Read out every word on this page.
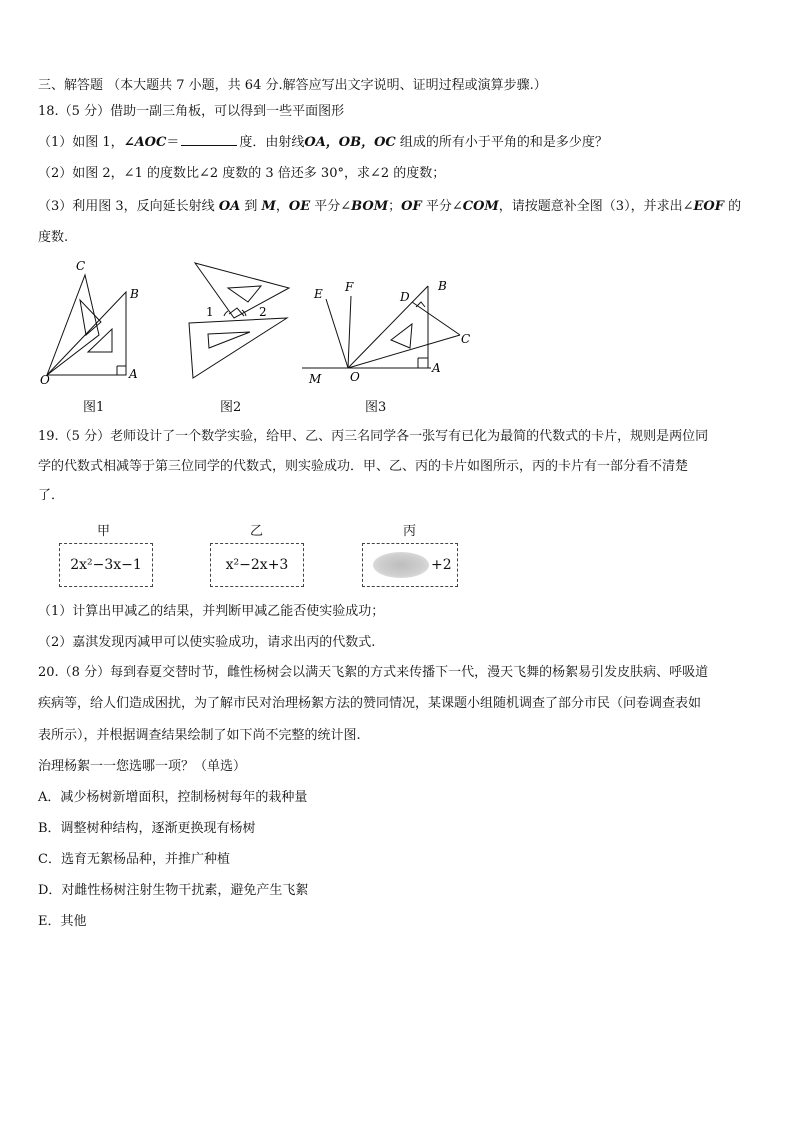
三、解答题 （本大题共 7 小题，共 64 分.解答应写出文字说明、证明过程或演算步骤.）
18.（5 分）借助一副三角板，可以得到一些平面图形
（1）如图 1，∠AOC＝	度．由射线OA，OB，OC 组成的所有小于平角的和是多少度？
（2）如图 2，∠1 的度数比∠2 度数的 3 倍还多 30°，求∠2 的度数；
（3）利用图 3，反向延长射线 OA 到 M，OE 平分∠BOM；OF 平分∠COM，请按题意补全图（3），并求出∠EOF 的
度数.
C
B
O	A
图1
1	2
图2
E F
D
B
C
M O
A
图3
19.（5 分）老师设计了一个数学实验，给甲、乙、丙三名同学各一张写有已化为最简的代数式的卡片，规则是两位同
学的代数式相减等于第三位同学的代数式，则实验成功．甲、乙、丙的卡片如图所示，丙的卡片有一部分看不清楚
了．
甲
2x²−3x−1
乙
x²−2x+3
丙
+2
（1）计算出甲减乙的结果，并判断甲减乙能否使实验成功；
（2）嘉淇发现丙减甲可以使实验成功，请求出丙的代数式.
20.（8 分）每到春夏交替时节，雌性杨树会以满天飞絮的方式来传播下一代，漫天飞舞的杨絮易引发皮肤病、呼吸道
疾病等，给人们造成困扰，为了解市民对治理杨絮方法的赞同情况，某课题小组随机调查了部分市民（问卷调查表如
表所示），并根据调查结果绘制了如下尚不完整的统计图.
治理杨絮一一您选哪一项？（单选）
A．减少杨树新增面积，控制杨树每年的栽种量
B．调整树种结构，逐渐更换现有杨树
C．选育无絮杨品种，并推广种植
D．对雌性杨树注射生物干扰素，避免产生飞絮
E．其他
